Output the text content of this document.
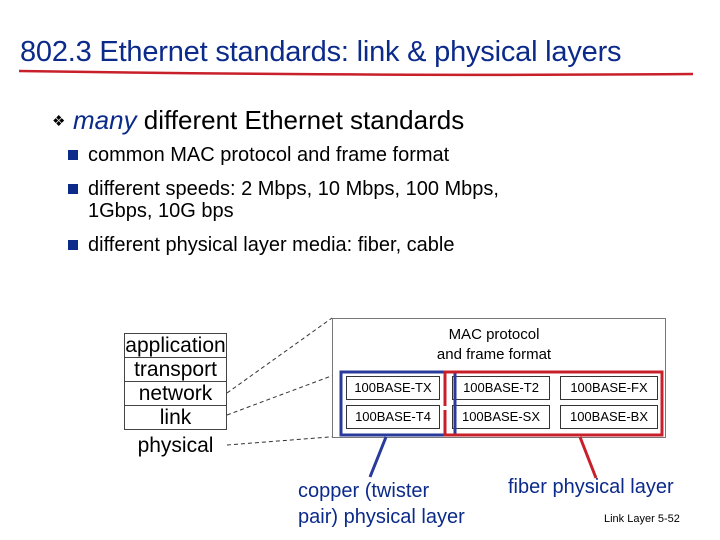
802.3 Ethernet standards: link & physical layers
❖ many different Ethernet standards
common MAC protocol and frame format
different speeds: 2 Mbps, 10 Mbps, 100 Mbps,
1Gbps, 10G bps
different physical layer media: fiber, cable
application
transport
network
link
physical
MAC protocol
and frame format
100BASE-TX	100BASE-T2	100BASE-FX
100BASE-T4	100BASE-SX	100BASE-BX
copper (twister
pair) physical layer
fiber physical layer
Link Layer 5-52
